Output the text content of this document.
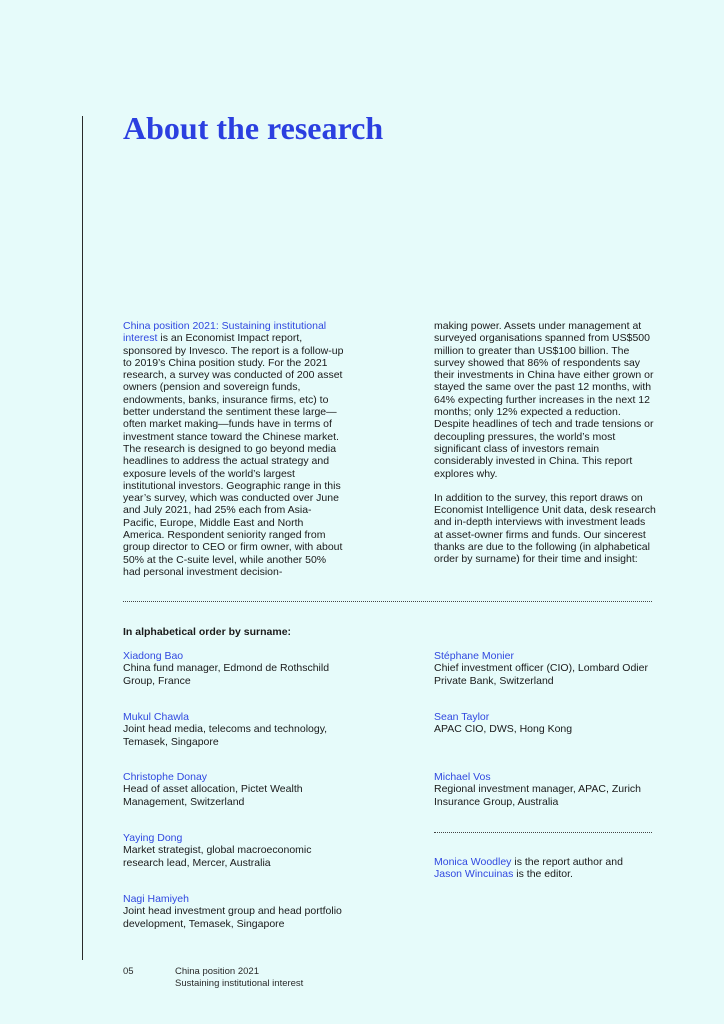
About the research

China position 2021: Sustaining institutional interest is an Economist Impact report, sponsored by Invesco. The report is a follow-up to 2019’s China position study. For the 2021 research, a survey was conducted of 200 asset owners (pension and sovereign funds, endowments, banks, insurance firms, etc) to better understand the sentiment these large—often market making—funds have in terms of investment stance toward the Chinese market. The research is designed to go beyond media headlines to address the actual strategy and exposure levels of the world’s largest institutional investors. Geographic range in this year’s survey, which was conducted over June and July 2021, had 25% each from Asia-Pacific, Europe, Middle East and North America. Respondent seniority ranged from group director to CEO or firm owner, with about 50% at the C-suite level, while another 50% had personal investment decision-

making power. Assets under management at surveyed organisations spanned from US$500 million to greater than US$100 billion. The survey showed that 86% of respondents say their investments in China have either grown or stayed the same over the past 12 months, with 64% expecting further increases in the next 12 months; only 12% expected a reduction. Despite headlines of tech and trade tensions or decoupling pressures, the world’s most significant class of investors remain considerably invested in China. This report explores why.

In addition to the survey, this report draws on Economist Intelligence Unit data, desk research and in-depth interviews with investment leads at asset-owner firms and funds. Our sincerest thanks are due to the following (in alphabetical order by surname) for their time and insight:

In alphabetical order by surname:
Xiadong Bao
China fund manager, Edmond de Rothschild Group, France
Mukul Chawla
Joint head media, telecoms and technology, Temasek, Singapore
Christophe Donay
Head of asset allocation, Pictet Wealth Management, Switzerland
Yaying Dong
Market strategist, global macroeconomic research lead, Mercer, Australia
Nagi Hamiyeh
Joint head investment group and head portfolio development, Temasek, Singapore
Stéphane Monier
Chief investment officer (CIO), Lombard Odier Private Bank, Switzerland
Sean Taylor
APAC CIO, DWS, Hong Kong
Michael Vos
Regional investment manager, APAC, Zurich Insurance Group, Australia
Monica Woodley is the report author and
Jason Wincuinas is the editor.
05	China position 2021
Sustaining institutional interest
